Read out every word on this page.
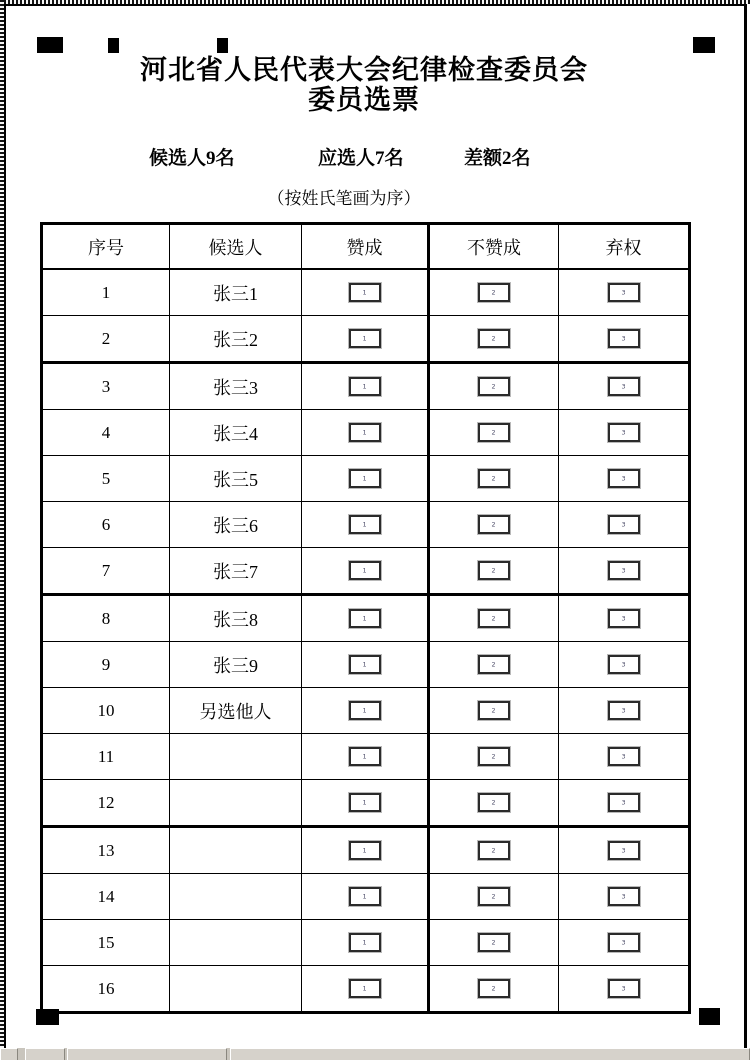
河北省人民代表大会纪律检查委员会
委员选票
候选人9名	应选人7名	差额2名
（按姓氏笔画为序）
序号	候选人	赞成	不赞成	弃权
1	张三1	1	2	3

2	张三2	1	2	3

3	张三3	1	2	3

4	张三4	1	2	3

5	张三5	1	2	3

6	张三6	1	2	3

7	张三7	1	2	3

8	张三8	1	2	3

9	张三9	1	2	3

10	另选他人	1	2	3

11		1	2	3

12		1	2	3

13		1	2	3

14		1	2	3

15		1	2	3

16		1	2	3
